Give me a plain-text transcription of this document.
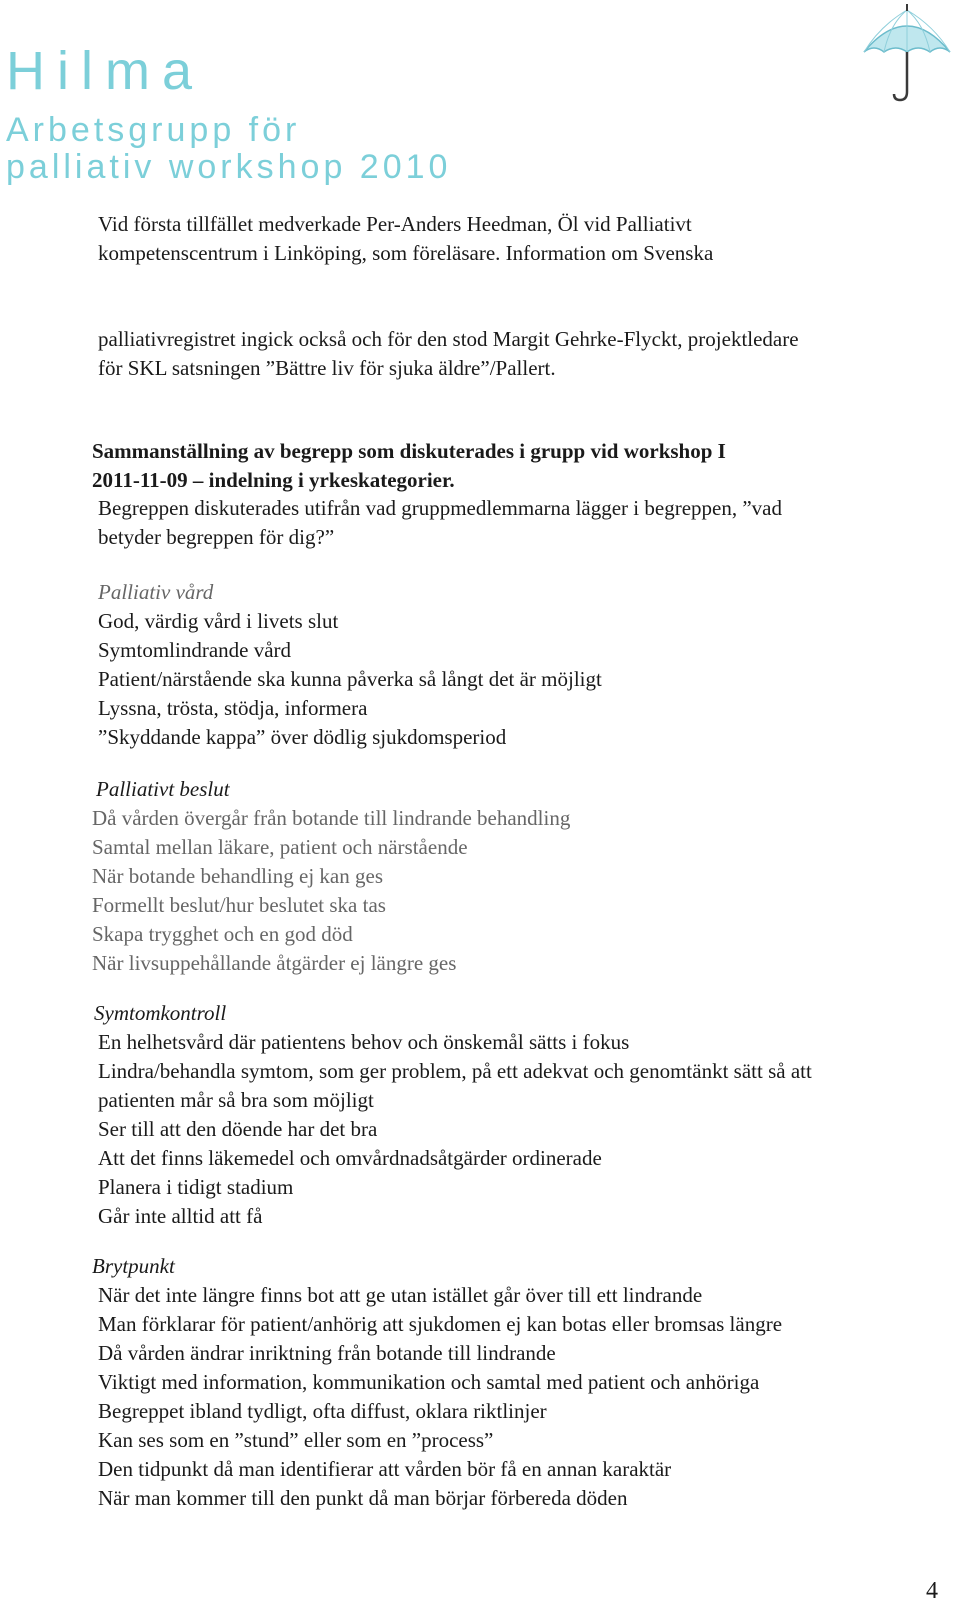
Hilma
Arbetsgrupp för
palliativ workshop 2010
Vid första tillfället medverkade Per-Anders Heedman, Öl vid Palliativt
kompetenscentrum i Linköping, som föreläsare. Information om Svenska
palliativregistret ingick också och för den stod Margit Gehrke-Flyckt, projektledare
för SKL satsningen ”Bättre liv för sjuka äldre”/Pallert.
Sammanställning av begrepp som diskuterades i grupp vid workshop I
2011-11-09 – indelning i yrkeskategorier.
Begreppen diskuterades utifrån vad gruppmedlemmarna lägger i begreppen, ”vad
betyder begreppen för dig?”
Palliativ vård
God, värdig vård i livets slut
Symtomlindrande vård
Patient/närstående ska kunna påverka så långt det är möjligt
Lyssna, trösta, stödja, informera
”Skyddande kappa” över dödlig sjukdomsperiod
Palliativt beslut
Då vården övergår från botande till lindrande behandling
Samtal mellan läkare, patient och närstående
När botande behandling ej kan ges
Formellt beslut/hur beslutet ska tas
Skapa trygghet och en god död
När livsuppehållande åtgärder ej längre ges
Symtomkontroll
En helhetsvård där patientens behov och önskemål sätts i fokus
Lindra/behandla symtom, som ger problem, på ett adekvat och genomtänkt sätt så att
patienten mår så bra som möjligt
Ser till att den döende har det bra
Att det finns läkemedel och omvårdnadsåtgärder ordinerade
Planera i tidigt stadium
Går inte alltid att få
Brytpunkt
När det inte längre finns bot att ge utan istället går över till ett lindrande
Man förklarar för patient/anhörig att sjukdomen ej kan botas eller bromsas längre
Då vården ändrar inriktning från botande till lindrande
Viktigt med information, kommunikation och samtal med patient och anhöriga
Begreppet ibland tydligt, ofta diffust, oklara riktlinjer
Kan ses som en ”stund” eller som en ”process”
Den tidpunkt då man identifierar att vården bör få en annan karaktär
När man kommer till den punkt då man börjar förbereda döden
4
